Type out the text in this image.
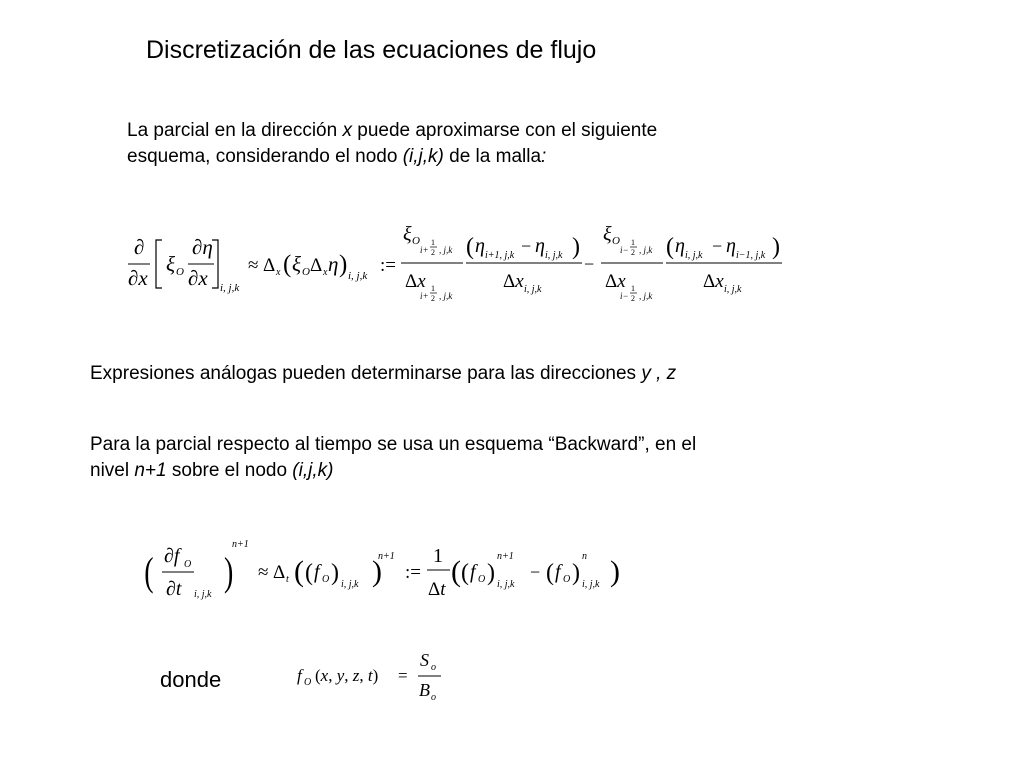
Discretización de las ecuaciones de flujo
La parcial en la dirección x puede aproximarse con el siguiente
esquema, considerando el nodo (i,j,k) de la malla:
∂
∂x
ξ O
∂η
∂x i, j,k
≈ Δ x ( ξ O Δ x η ) i, j,k :=
ξ O
i+
1
2 , j,k
Δx
i+
1
2 , j,k
( η i+1, j,k − η i, j,k )
Δx i, j,k
−
ξ O
i−
1
2 , j,k
Δx
i−
1
2 , j,k
( η i, j,k − η i−1, j,k )
Δx i, j,k
Expresiones análogas pueden determinarse para las direcciones y , z
Para la parcial respecto al tiempo se usa un esquema “Backward”, en el
nivel n+1 sobre el nodo (i,j,k)
( ∂f O
∂t i, j,k
)
n+1
≈ Δ t ( ( f O ) i, j,k )
n+1
:=
1
Δt
( ( f O )
n+1
i, j,k
− ( f O )
n
i, j,k )
donde	f O (x, y, z, t) =
S o
B o
